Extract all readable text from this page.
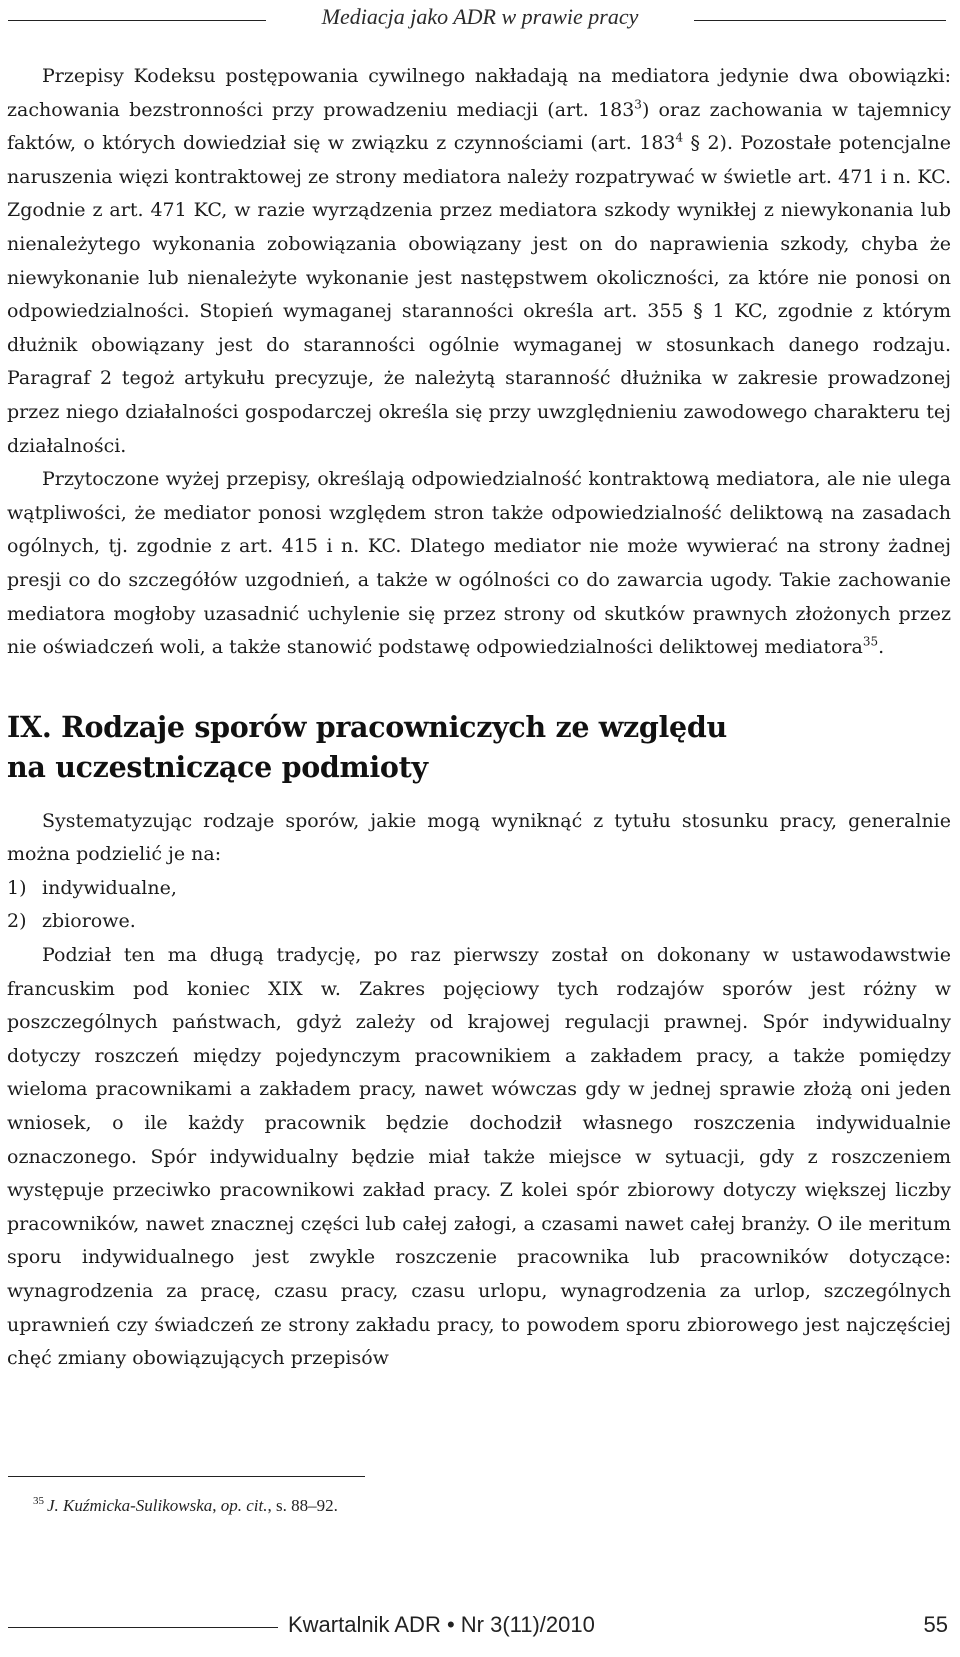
Mediacja jako ADR w prawie pracy

Przepisy Kodeksu postępowania cywilnego nakładają na mediatora jedynie dwa obowiązki: zachowania bezstronności przy prowadzeniu mediacji (art. $183^3$) oraz zachowania w tajemnicy faktów, o których dowiedział się w związku z czynnościami (art. $183^4$ § 2). Pozostałe potencjalne naruszenia więzi kontraktowej ze strony mediatora należy rozpatrywać w świetle art. 471 i n. KC. Zgodnie z art. 471 KC, w razie wyrządzenia przez mediatora szkody wynikłej z niewykonania lub nienależytego wykonania zobowiązania obowiązany jest on do naprawienia szkody, chyba że niewykonanie lub nienależyte wykonanie jest następstwem okoliczności, za które nie ponosi on odpowiedzialności. Stopień wymaganej staranności określa art. 355 § 1 KC, zgodnie z którym dłużnik obowiązany jest do staranności ogólnie wymaganej w stosunkach danego rodzaju. Paragraf 2 tegoż artykułu precyzuje, że należytą staranność dłużnika w zakresie prowadzonej przez niego działalności gospodarczej określa się przy uwzględnieniu zawodowego charakteru tej działalności.

Przytoczone wyżej przepisy, określają odpowiedzialność kontraktową mediatora, ale nie ulega wątpliwości, że mediator ponosi względem stron także odpowiedzialność deliktową na zasadach ogólnych, tj. zgodnie z art. 415 i n. KC. Dlatego mediator nie może wywierać na strony żadnej presji co do szczegółów uzgodnień, a także w ogólności co do zawarcia ugody. Takie zachowanie mediatora mogłoby uzasadnić uchylenie się przez strony od skutków prawnych złożonych przez nie oświadczeń woli, a także stanowić podstawę odpowiedzialności deliktowej mediatora$^{35}$.

IX. Rodzaje sporów pracowniczych ze względu
na uczestniczące podmioty

Systematyzując rodzaje sporów, jakie mogą wyniknąć z tytułu stosunku pracy, generalnie można podzielić je na:

1) indywidualne,
2) zbiorowe.

Podział ten ma długą tradycję, po raz pierwszy został on dokonany w ustawodawstwie francuskim pod koniec XIX w. Zakres pojęciowy tych rodzajów sporów jest różny w poszczególnych państwach, gdyż zależy od krajowej regulacji prawnej. Spór indywidualny dotyczy roszczeń między pojedynczym pracownikiem a zakładem pracy, a także pomiędzy wieloma pracownikami a zakładem pracy, nawet wówczas gdy w jednej sprawie złożą oni jeden wniosek, o ile każdy pracownik będzie dochodził własnego roszczenia indywidualnie oznaczonego. Spór indywidualny będzie miał także miejsce w sytuacji, gdy z roszczeniem występuje przeciwko pracownikowi zakład pracy. Z kolei spór zbiorowy dotyczy większej liczby pracowników, nawet znacznej części lub całej załogi, a czasami nawet całej branży. O ile meritum sporu indywidualnego jest zwykle roszczenie pracownika lub pracowników dotyczące: wynagrodzenia za pracę, czasu pracy, czasu urlopu, wynagrodzenia za urlop, szczególnych uprawnień czy świadczeń ze strony zakładu pracy, to powodem sporu zbiorowego jest najczęściej chęć zmiany obowiązujących przepisów

$^{35}$ J. Kuźmicka-Sulikowska, op. cit., s. 88–92.
Kwartalnik ADR • Nr 3(11)/2010	55
